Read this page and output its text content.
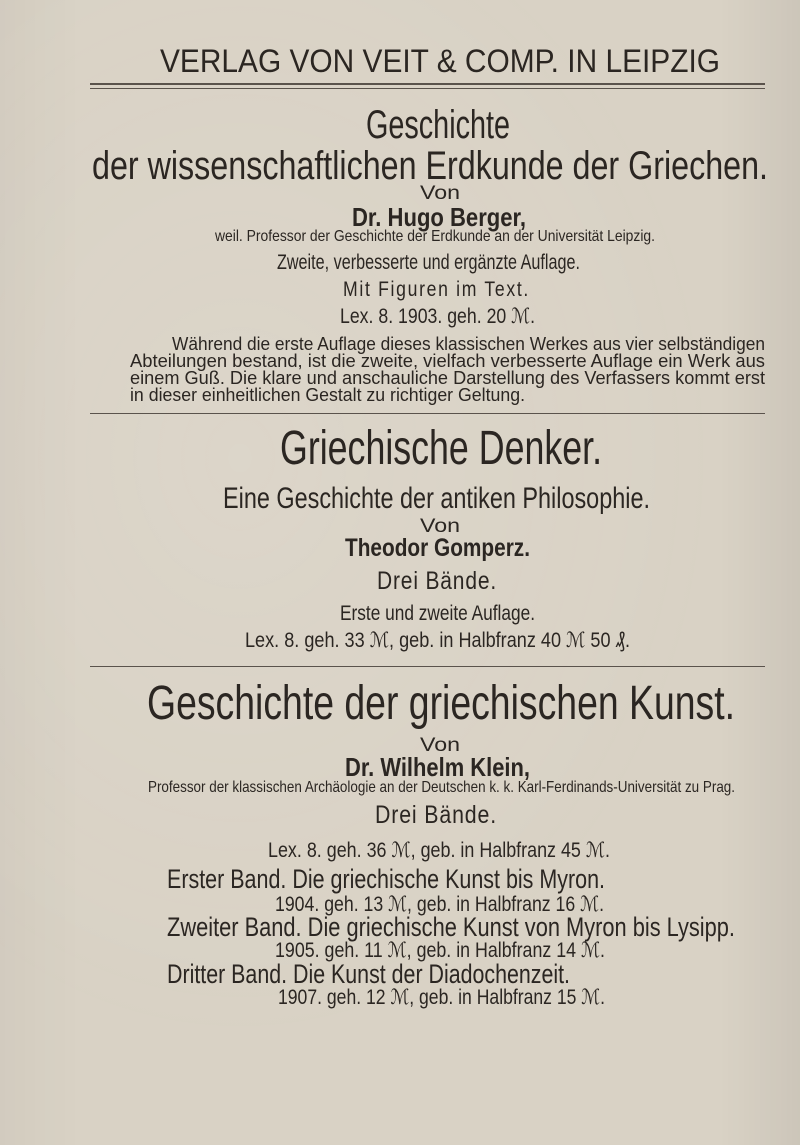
VERLAG VON VEIT & COMP. IN LEIPZIG
Geschichte
der wissenschaftlichen Erdkunde der Griechen.
Von
Dr. Hugo Berger,
weil. Professor der Geschichte der Erdkunde an der Universität Leipzig.
Zweite, verbesserte und ergänzte Auflage.
Mit Figuren im Text.
Lex. 8. 1903. geh. 20 ℳ.
Während die erste Auflage dieses klassischen Werkes aus vier selbständigen
Abteilungen bestand, ist die zweite, vielfach verbesserte Auflage ein Werk aus
einem Guß. Die klare und anschauliche Darstellung des Verfassers kommt erst
in dieser einheitlichen Gestalt zu richtiger Geltung.
Griechische Denker.
Eine Geschichte der antiken Philosophie.
Von
Theodor Gomperz.
Drei Bände.
Erste und zweite Auflage.
Lex. 8. geh. 33 ℳ, geb. in Halbfranz 40 ℳ 50 ₰.
Geschichte der griechischen Kunst.
Von
Dr. Wilhelm Klein,
Professor der klassischen Archäologie an der Deutschen k. k. Karl-Ferdinands-Universität zu Prag.
Drei Bände.
Lex. 8. geh. 36 ℳ, geb. in Halbfranz 45 ℳ.
Erster Band. Die griechische Kunst bis Myron.
1904. geh. 13 ℳ, geb. in Halbfranz 16 ℳ.
Zweiter Band. Die griechische Kunst von Myron bis Lysipp.
1905. geh. 11 ℳ, geb. in Halbfranz 14 ℳ.
Dritter Band. Die Kunst der Diadochenzeit.
1907. geh. 12 ℳ, geb. in Halbfranz 15 ℳ.
